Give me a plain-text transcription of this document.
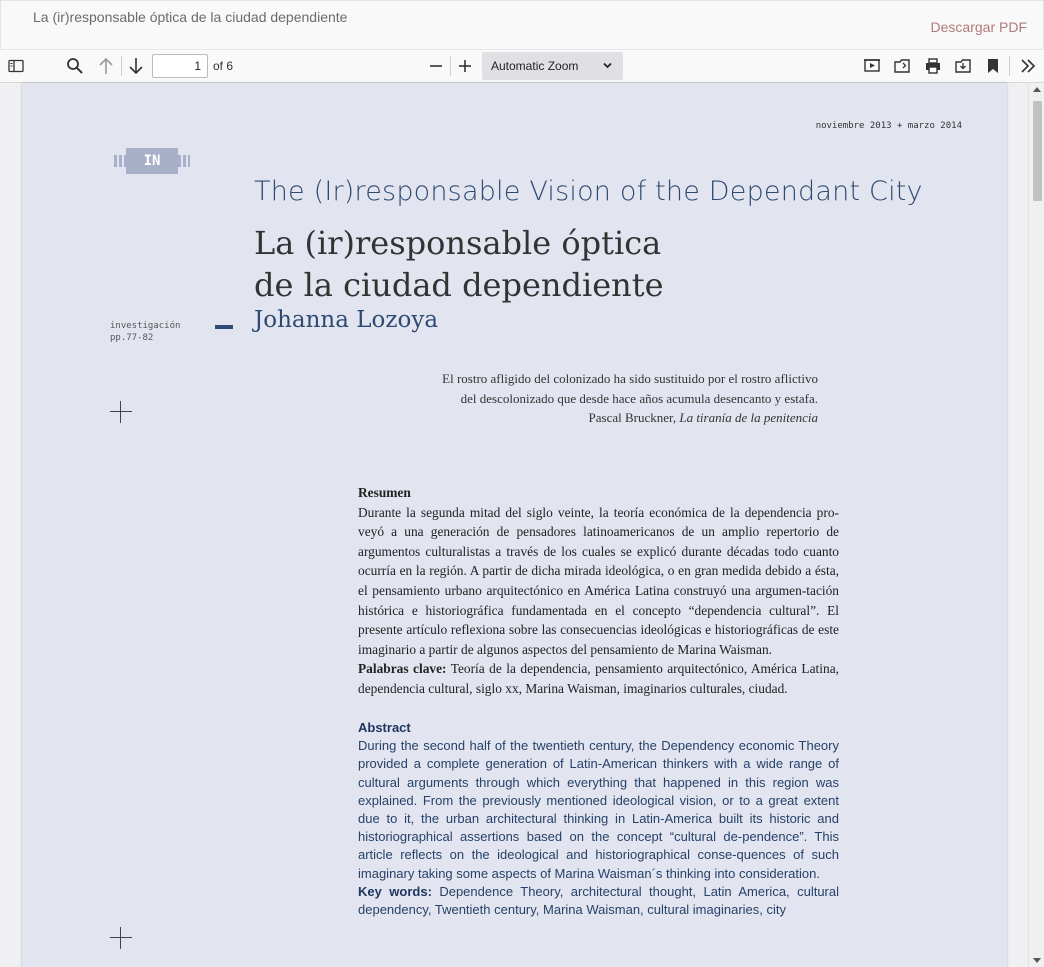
La (ir)responsable óptica de la ciudad dependiente
Descargar PDF
1
of 6	Automatic Zoom
noviembre 2013 + marzo 2014
IN
The (Ir)responsable Vision of the Dependant City
La (ir)responsable óptica
de la ciudad dependiente
Johanna Lozoya
investigación
pp.77-82
El rostro afligido del colonizado ha sido sustituido por el rostro aflictivo
del descolonizado que desde hace años acumula desencanto y estafa.
Pascal Bruckner, La tiranía de la penitencia
Resumen
Durante la segunda mitad del siglo veinte, la teoría económica de la dependencia pro-veyó a una generación de pensadores latinoamericanos de un amplio repertorio de argumentos culturalistas a través de los cuales se explicó durante décadas todo cuanto ocurría en la región. A partir de dicha mirada ideológica, o en gran medida debido a ésta, el pensamiento urbano arquitectónico en América Latina construyó una argumen-tación histórica e historiográfica fundamentada en el concepto “dependencia cultural”. El presente artículo reflexiona sobre las consecuencias ideológicas e historiográficas de este imaginario a partir de algunos aspectos del pensamiento de Marina Waisman.
Palabras clave: Teoría de la dependencia, pensamiento arquitectónico, América Latina, dependencia cultural, siglo xx, Marina Waisman, imaginarios culturales, ciudad.
Abstract
During the second half of the twentieth century, the Dependency economic Theory provided a complete generation of Latin-American thinkers with a wide range of cultural arguments through which everything that happened in this region was explained. From the previously mentioned ideological vision, or to a great extent due to it, the urban architectural thinking in Latin-America built its historic and historiographical assertions based on the concept “cultural de-pendence”. This article reflects on the ideological and historiographical conse-quences of such imaginary taking some aspects of Marina Waisman´s thinking into consideration.
Key words: Dependence Theory, architectural thought, Latin America, cultural dependency, Twentieth century, Marina Waisman, cultural imaginaries, city
